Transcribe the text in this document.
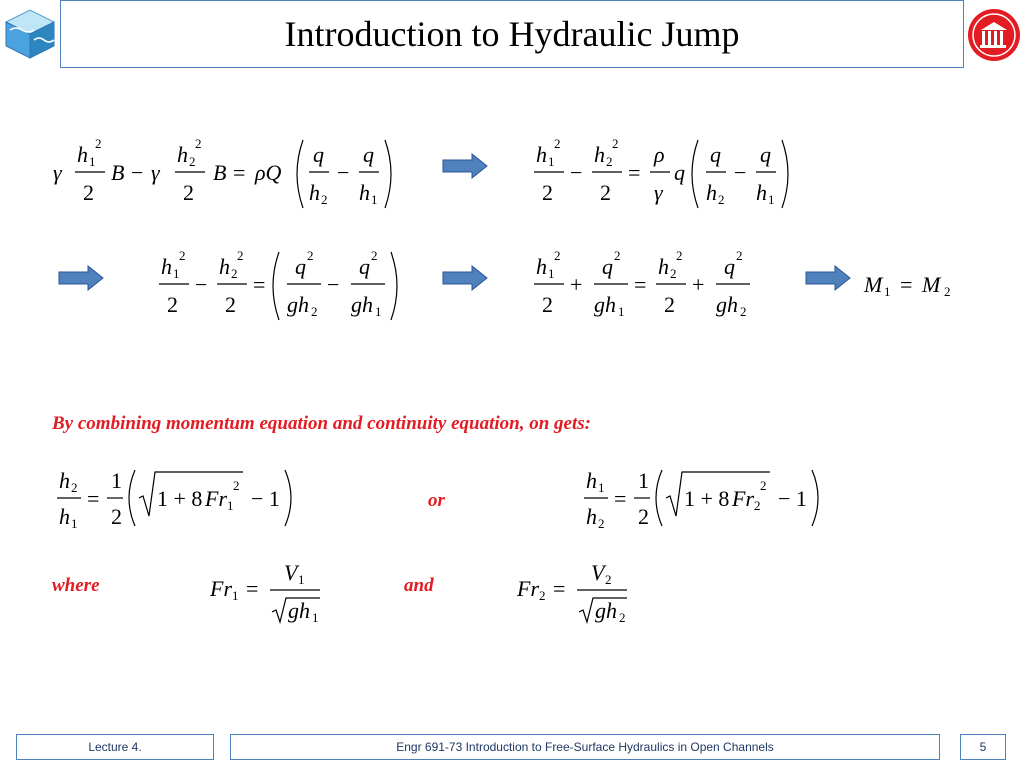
Introduction to Hydraulic Jump
γ
h 1
2
2
B − γ
h 2
2
2
B = ρQ
q
h 2
−
q
h 1
h 1
2
2
−
h 2
2
2
=
ρ
γ
q
q
h 2
−
q
h 1
h 1
2
2
−
h 2
2
2
=
q 2
gh 2
−
q 2
gh 1
h 1
2
2
+
q 2
gh 1
=
h 2
2
2
+
q 2
gh 2
M 1 = M 2
By combining momentum equation and continuity equation, on gets:
h 2
h 1
=
1
2
1 + 8 Fr 1
2
− 1	or
h 1
h 2
=
1
2
1 + 8 Fr 2
2
− 1
where	Fr 1 =
V 1
gh 1
and	Fr 2 =
V 2
gh 2
Lecture 4.	Engr 691-73 Introduction to Free-Surface Hydraulics in Open Channels	5
